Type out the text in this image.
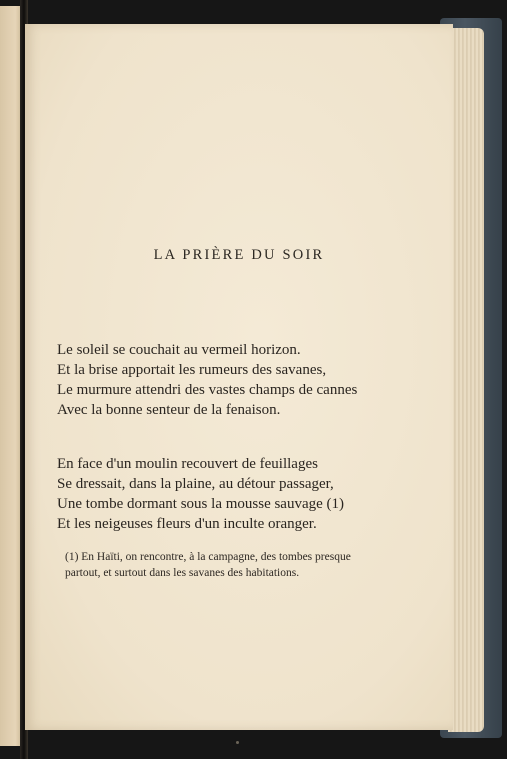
LA PRIÈRE DU SOIR
Le soleil se couchait au vermeil horizon.
Et la brise apportait les rumeurs des savanes,
Le murmure attendri des vastes champs de cannes
Avec la bonne senteur de la fenaison.
En face d'un moulin recouvert de feuillages
Se dressait, dans la plaine, au détour passager,
Une tombe dormant sous la mousse sauvage (1)
Et les neigeuses fleurs d'un inculte oranger.
(1) En Haïti, on rencontre, à la campagne, des tombes presque
partout, et surtout dans les savanes des habitations.
